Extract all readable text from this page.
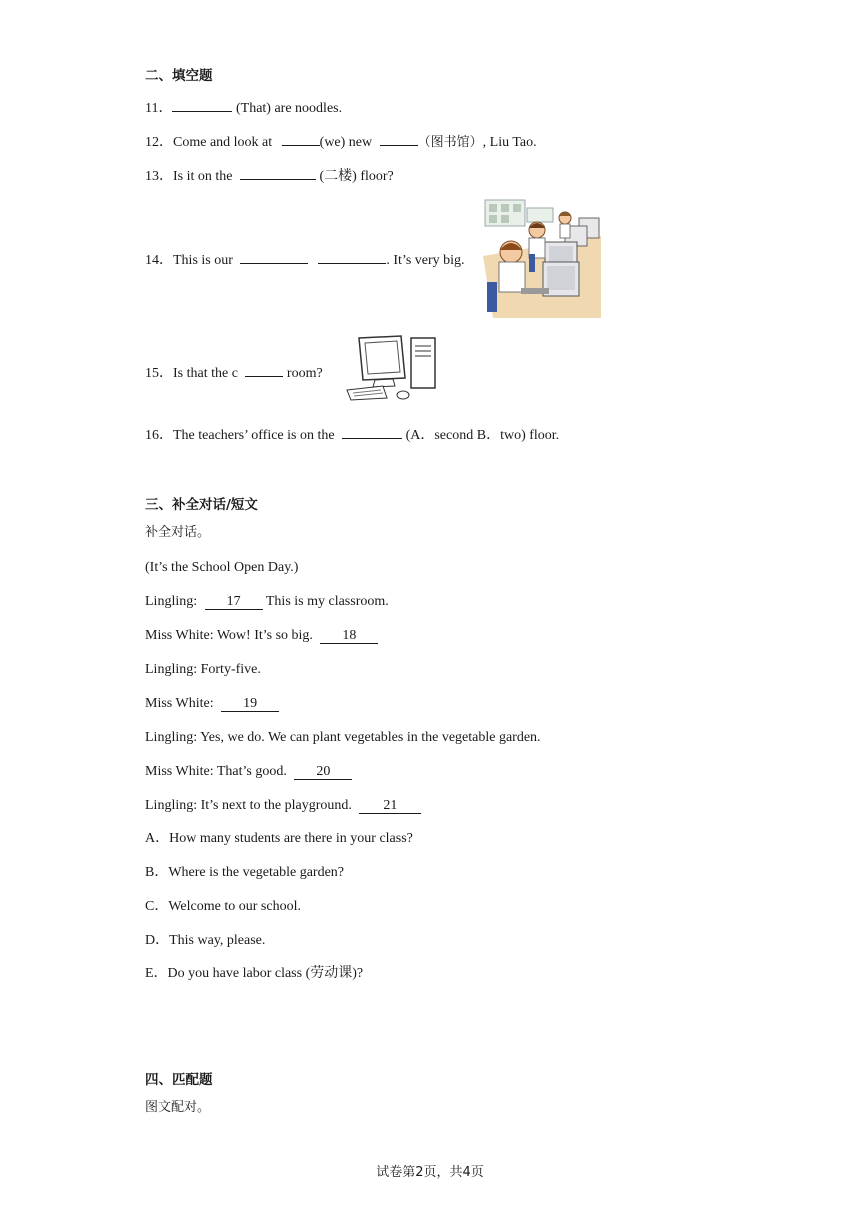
二、填空题
11．	(That) are noodles.
12．Come and look at	(we) new	（图书馆）, Liu Tao.
13．Is it on the	(二楼) floor?
14．This is our	. It’s very big.
15．Is that the c	room?
16．The teachers’ office is on the	(A．second B．two) floor.
三、补全对话/短文
补全对话。
(It’s the School Open Day.)
Lingling: 17 This is my classroom.
Miss White: Wow! It’s so big. 18
Lingling: Forty-five.
Miss White: 19
Lingling: Yes, we do. We can plant vegetables in the vegetable garden.
Miss White: That’s good. 20
Lingling: It’s next to the playground. 21
A．How many students are there in your class?
B．Where is the vegetable garden?
C．Welcome to our school.
D．This way, please.
E．Do you have labor class (劳动课)?
四、匹配题
图文配对。
试卷第2页，共4页
